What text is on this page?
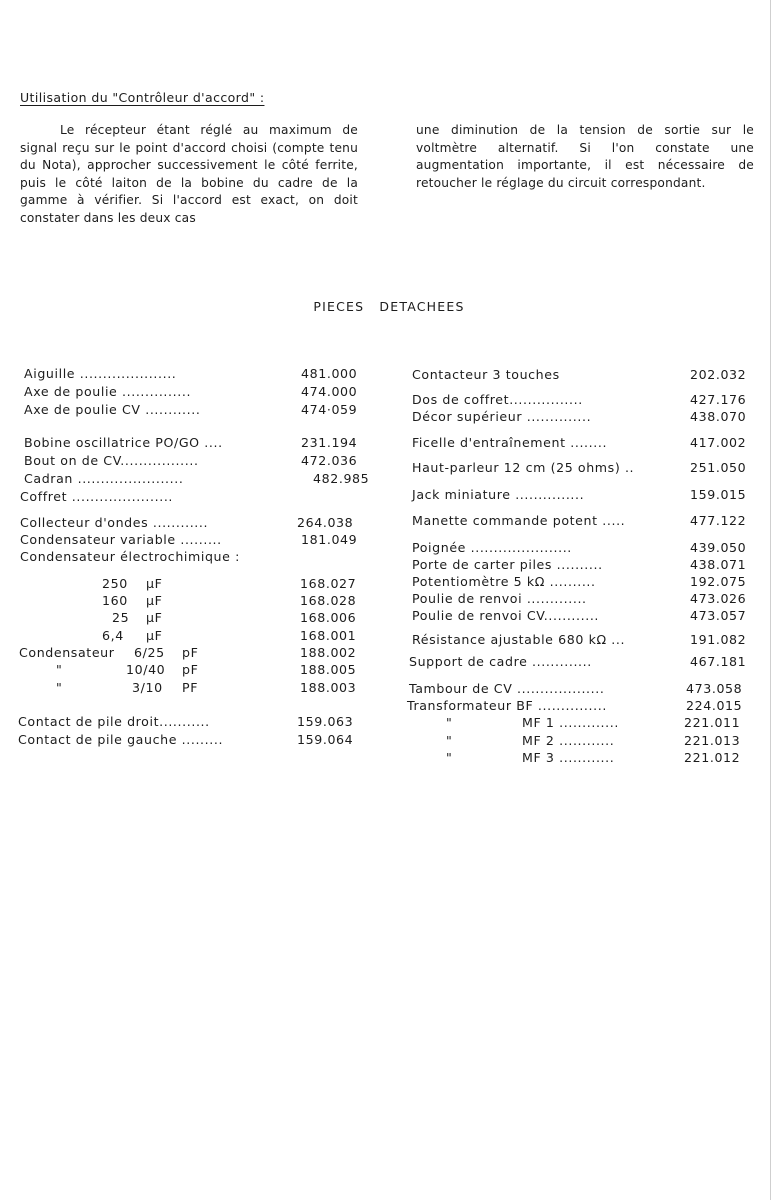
Utilisation du "Contrôleur d'accord" :
Le récepteur étant réglé au maximum de signal reçu sur le point d'accord choisi (compte tenu du Nota), approcher successivement le côté ferrite, puis le côté laiton de la bobine du cadre de la gamme à vérifier. Si l'accord est exact, on doit constater dans les deux cas
une diminution de la tension de sortie sur le voltmètre alternatif. Si l'on constate une augmentation importante, il est nécessaire de retoucher le réglage du circuit correspondant.
PIECES DETACHEES
Aiguille .....................	481.000
Axe de poulie ...............	474.000
Axe de poulie CV ............	474·059
Bobine oscillatrice PO/GO ....	231.194
Bout on de CV.................	472.036
Cadran .......................	482.985
Coffret ......................
Collecteur d'ondes ............	264.038
Condensateur variable .........	181.049
Condensateur électrochimique :
250 µF	168.027
160 µF	168.028
25 µF	168.006
6,4 µF	168.001
Condensateur 6/25 pF	188.002
"	10/40 pF	188.005
"	3/10 PF	188.003
Contact de pile droit...........	159.063
Contact de pile gauche .........	159.064
Contacteur 3 touches	202.032
Dos de coffret................	427.176
Décor supérieur ..............	438.070
Ficelle d'entraînement ........	417.002
Haut-parleur 12 cm (25 ohms) ..	251.050
Jack miniature ...............	159.015
Manette commande potent .....	477.122
Poignée ......................	439.050
Porte de carter piles ..........	438.071
Potentiomètre 5 kΩ ..........	192.075
Poulie de renvoi .............	473.026
Poulie de renvoi CV............	473.057
Résistance ajustable 680 kΩ ...	191.082
Support de cadre .............	467.181
Tambour de CV ...................	473.058
Transformateur BF ...............	224.015
"	MF 1 .............	221.011
"	MF 2 ............	221.013
"	MF 3 ............	221.012
